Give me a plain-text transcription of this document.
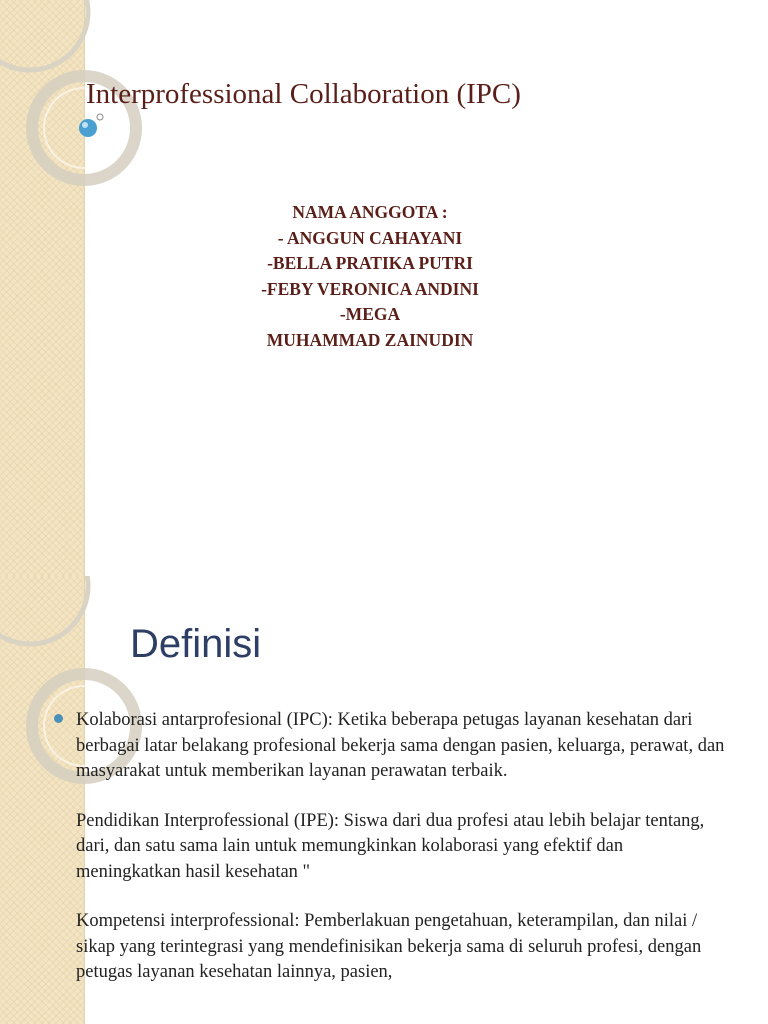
Interprofessional Collaboration (IPC)
NAMA ANGGOTA :
- ANGGUN CAHAYANI
-BELLA PRATIKA PUTRI
-FEBY VERONICA ANDINI
-MEGA
MUHAMMAD ZAINUDIN
Definisi

Kolaborasi antarprofesional (IPC): Ketika beberapa petugas layanan kesehatan dari berbagai latar belakang profesional bekerja sama dengan pasien, keluarga, perawat, dan masyarakat untuk memberikan layanan perawatan terbaik.

Pendidikan Interprofessional (IPE): Siswa dari dua profesi atau lebih belajar tentang, dari, dan satu sama lain untuk memungkinkan kolaborasi yang efektif dan meningkatkan hasil kesehatan "

Kompetensi interprofessional: Pemberlakuan pengetahuan, keterampilan, dan nilai / sikap yang terintegrasi yang mendefinisikan bekerja sama di seluruh profesi, dengan petugas layanan kesehatan lainnya, pasien,
